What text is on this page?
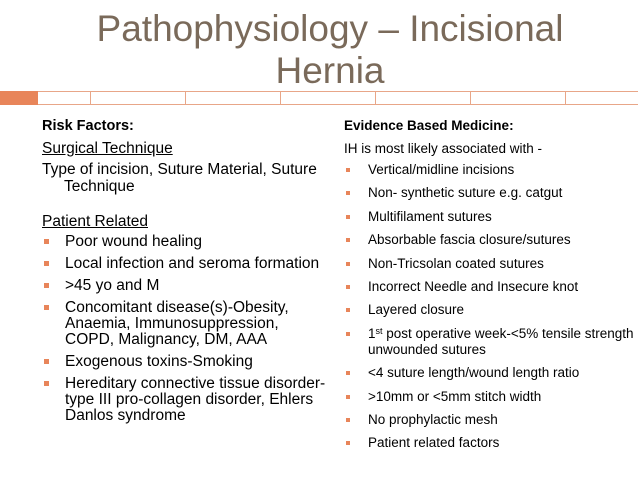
Pathophysiology – Incisional Hernia
Risk Factors:
Surgical Technique
Type of incision, Suture Material, Suture Technique
Patient Related
Poor wound healing
Local infection and seroma formation
>45 yo and M
Concomitant disease(s)-Obesity, Anaemia, Immunosuppression, COPD, Malignancy, DM, AAA
Exogenous toxins-Smoking
Hereditary connective tissue disorder-type III pro-collagen disorder, Ehlers Danlos syndrome
Evidence Based Medicine:
IH is most likely associated with -
Vertical/midline incisions
Non- synthetic suture e.g. catgut
Multifilament sutures
Absorbable fascia closure/sutures
Non-Tricsolan coated sutures
Incorrect Needle and Insecure knot
Layered closure
1st post operative week-<5% tensile strength unwounded sutures
<4 suture length/wound length ratio
>10mm or <5mm stitch width
No prophylactic mesh
Patient related factors
